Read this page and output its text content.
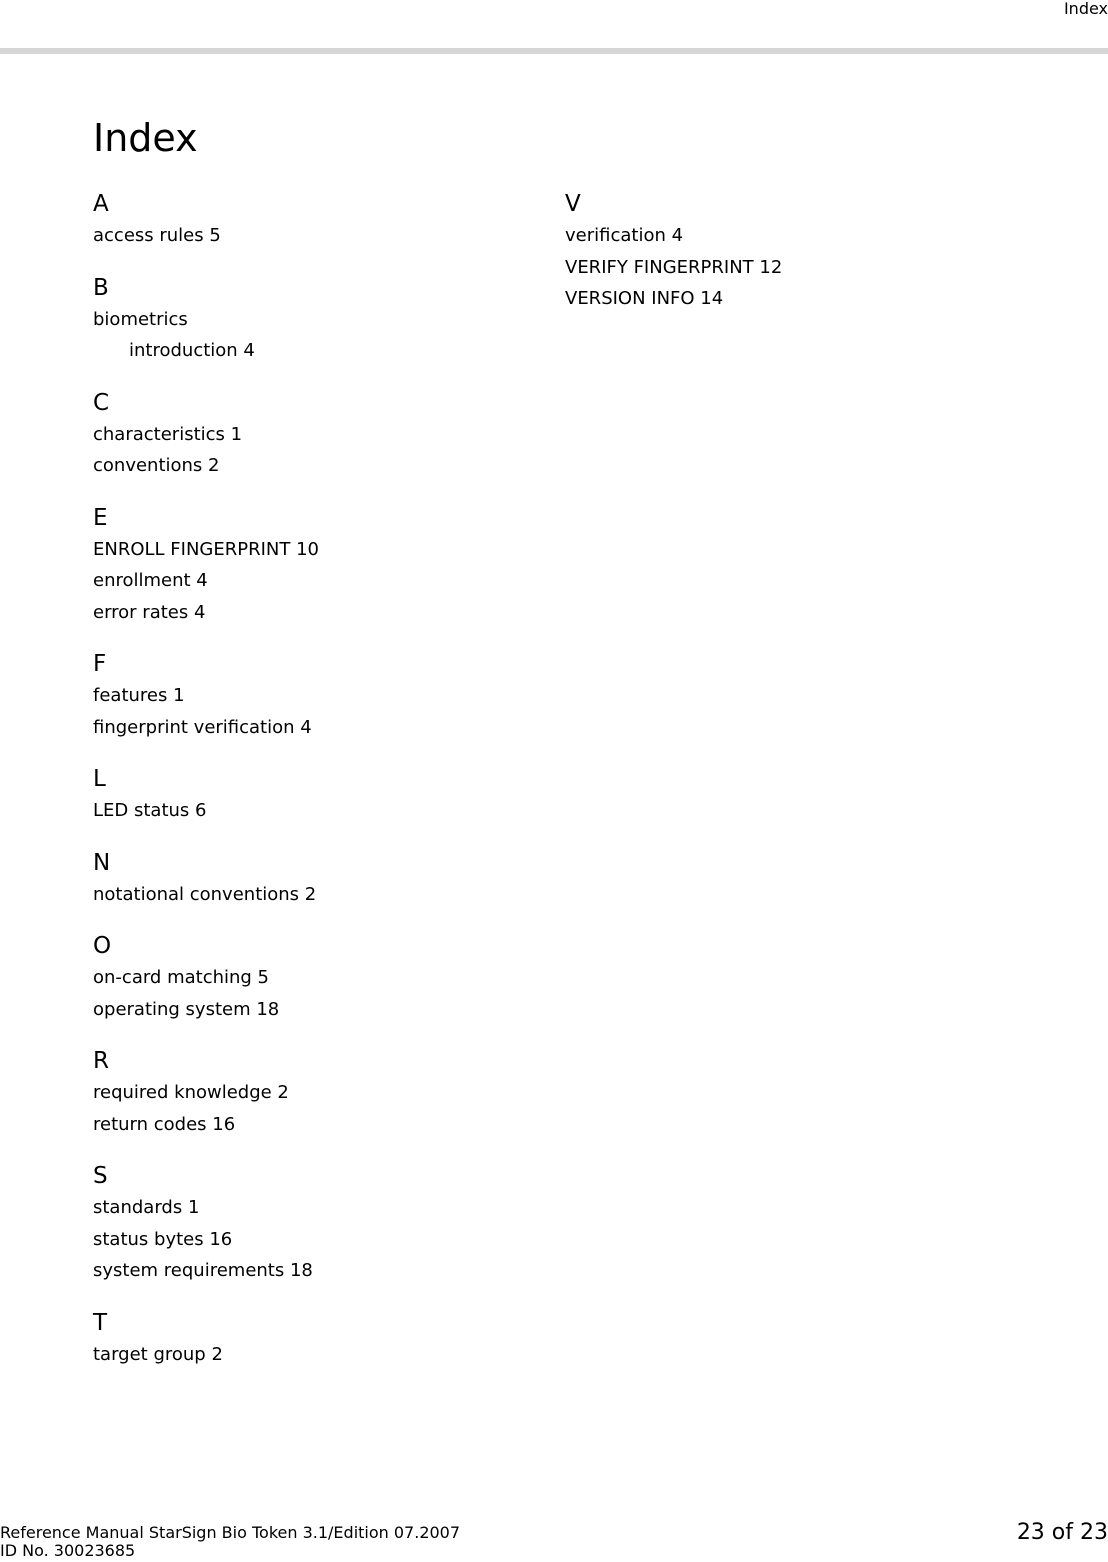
Index
Index
A
access rules 5
B
biometrics
introduction 4
C
characteristics 1
conventions 2
E
ENROLL FINGERPRINT 10
enrollment 4
error rates 4
F
features 1
fingerprint verification 4
L
LED status 6
N
notational conventions 2
O
on-card matching 5
operating system 18
R
required knowledge 2
return codes 16
S
standards 1
status bytes 16
system requirements 18
T
target group 2
V
verification 4
VERIFY FINGERPRINT 12
VERSION INFO 14
Reference Manual StarSign Bio Token 3.1/Edition 07.2007
ID No. 30023685
23 of 23
